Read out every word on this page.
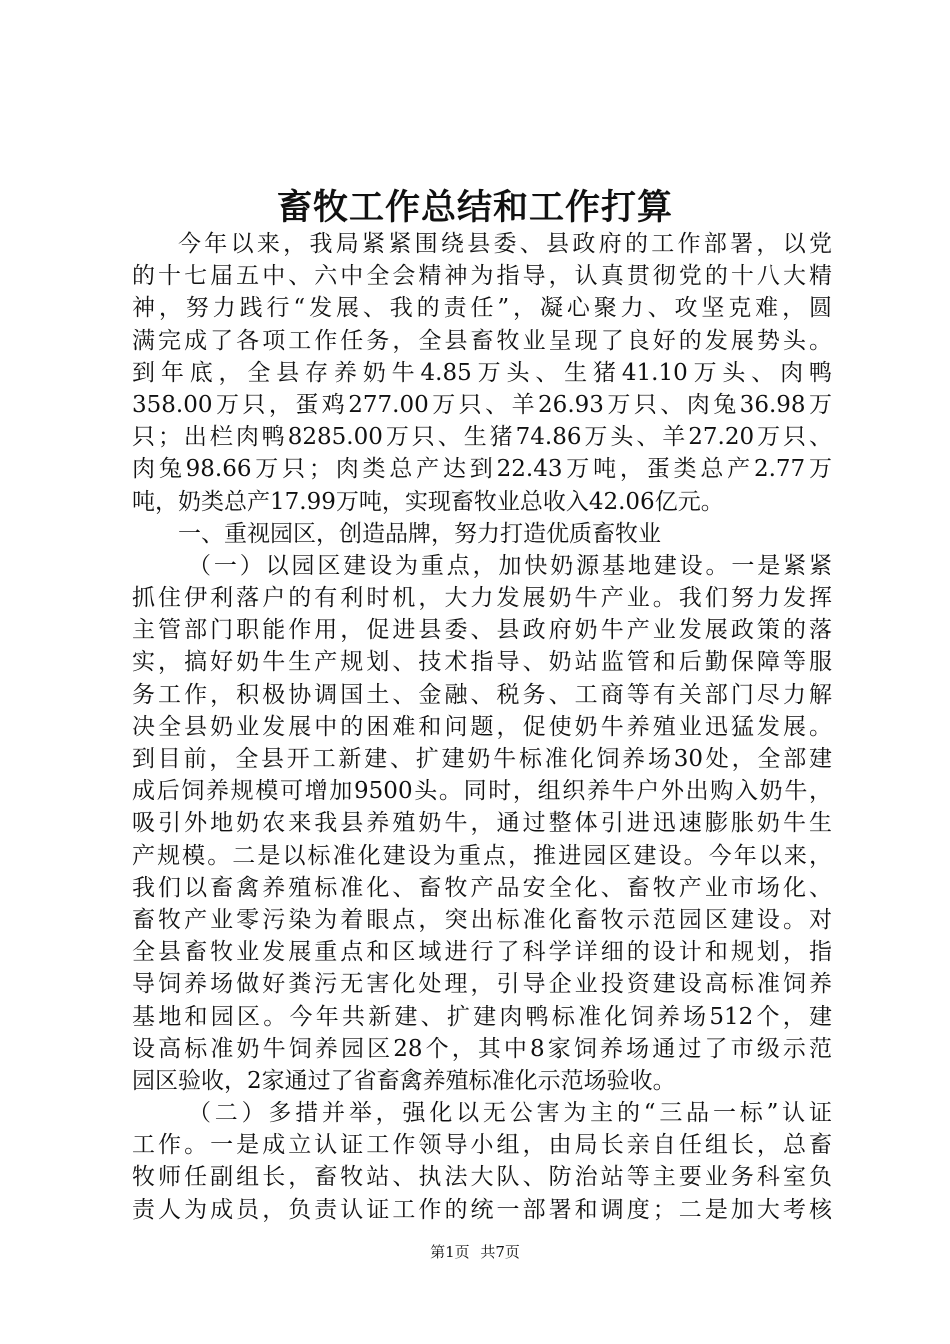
畜牧工作总结和工作打算
今年以来，我局紧紧围绕县委、县政府的工作部署，以党
的十七届五中、六中全会精神为指导，认真贯彻党的十八大精
神，努力践行“发展、我的责任”，凝心聚力、攻坚克难，圆
满完成了各项工作任务，全县畜牧业呈现了良好的发展势头。
到年底，全县存养奶牛4.85万头、生猪41.10万头、肉鸭
358.00万只，蛋鸡277.00万只、羊26.93万只、肉兔36.98万
只；出栏肉鸭8285.00万只、生猪74.86万头、羊27.20万只、
肉兔98.66万只；肉类总产达到22.43万吨，蛋类总产2.77万
吨，奶类总产17.99万吨，实现畜牧业总收入42.06亿元。
一、重视园区，创造品牌，努力打造优质畜牧业
（一）以园区建设为重点，加快奶源基地建设。一是紧紧
抓住伊利落户的有利时机，大力发展奶牛产业。我们努力发挥
主管部门职能作用，促进县委、县政府奶牛产业发展政策的落
实，搞好奶牛生产规划、技术指导、奶站监管和后勤保障等服
务工作，积极协调国土、金融、税务、工商等有关部门尽力解
决全县奶业发展中的困难和问题，促使奶牛养殖业迅猛发展。
到目前，全县开工新建、扩建奶牛标准化饲养场30处，全部建
成后饲养规模可增加9500头。同时，组织养牛户外出购入奶牛，
吸引外地奶农来我县养殖奶牛，通过整体引进迅速膨胀奶牛生
产规模。二是以标准化建设为重点，推进园区建设。今年以来，
我们以畜禽养殖标准化、畜牧产品安全化、畜牧产业市场化、
畜牧产业零污染为着眼点，突出标准化畜牧示范园区建设。对
全县畜牧业发展重点和区域进行了科学详细的设计和规划，指
导饲养场做好粪污无害化处理，引导企业投资建设高标准饲养
基地和园区。今年共新建、扩建肉鸭标准化饲养场512个，建
设高标准奶牛饲养园区28个，其中8家饲养场通过了市级示范
园区验收，2家通过了省畜禽养殖标准化示范场验收。
（二）多措并举，强化以无公害为主的“三品一标”认证
工作。一是成立认证工作领导小组，由局长亲自任组长，总畜
牧师任副组长，畜牧站、执法大队、防治站等主要业务科室负
责人为成员，负责认证工作的统一部署和调度；二是加大考核
第1页 共7页
